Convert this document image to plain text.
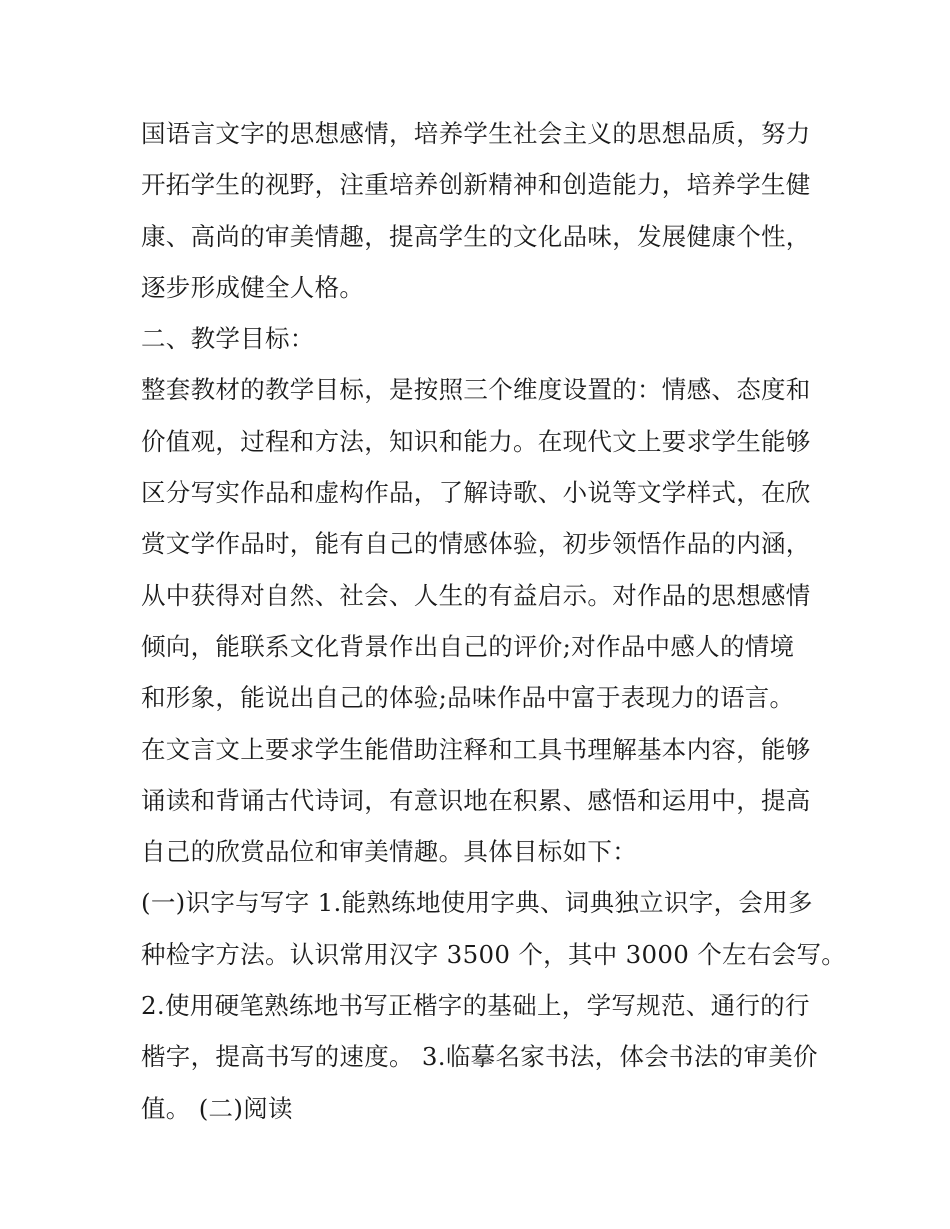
国语言文字的思想感情，培养学生社会主义的思想品质，努力
开拓学生的视野，注重培养创新精神和创造能力，培养学生健
康、高尚的审美情趣，提高学生的文化品味，发展健康个性，
逐步形成健全人格。
二、教学目标：
整套教材的教学目标，是按照三个维度设置的：情感、态度和
价值观，过程和方法，知识和能力。在现代文上要求学生能够
区分写实作品和虚构作品，了解诗歌、小说等文学样式，在欣
赏文学作品时，能有自己的情感体验，初步领悟作品的内涵，
从中获得对自然、社会、人生的有益启示。对作品的思想感情
倾向，能联系文化背景作出自己的评价;对作品中感人的情境
和形象，能说出自己的体验;品味作品中富于表现力的语言。
在文言文上要求学生能借助注释和工具书理解基本内容，能够
诵读和背诵古代诗词，有意识地在积累、感悟和运用中，提高
自己的欣赏品位和审美情趣。具体目标如下：
(一)识字与写字 1.能熟练地使用字典、词典独立识字，会用多
种检字方法。认识常用汉字 3500 个，其中 3000 个左右会写。
2.使用硬笔熟练地书写正楷字的基础上，学写规范、通行的行
楷字，提高书写的速度。 3.临摹名家书法，体会书法的审美价
值。 (二)阅读
